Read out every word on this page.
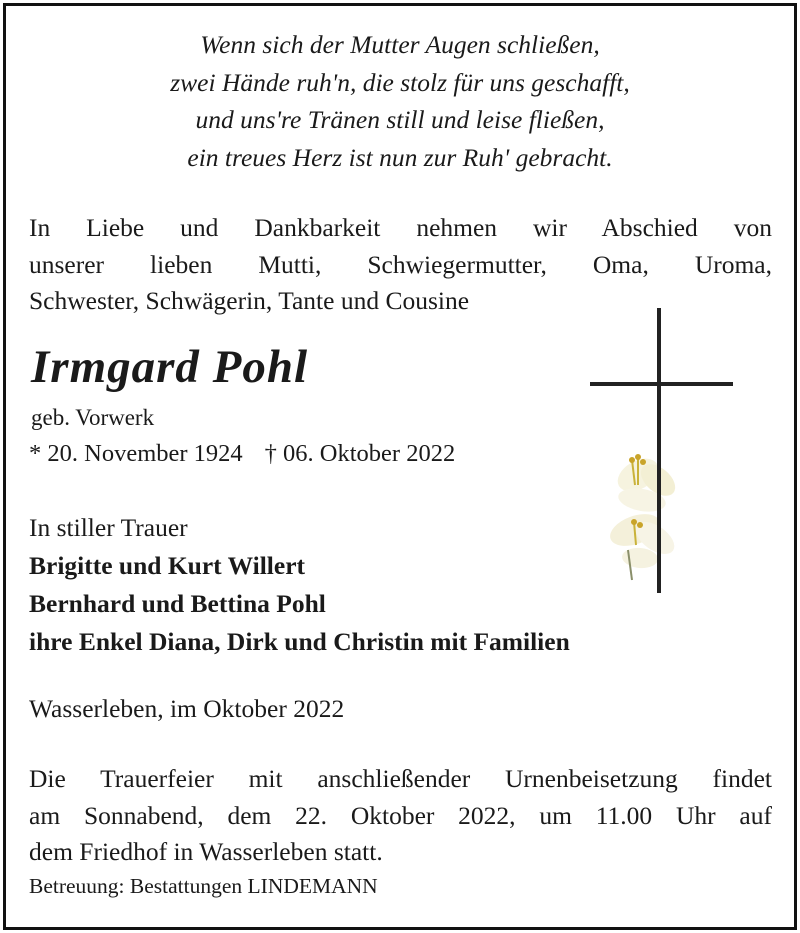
Wenn sich der Mutter Augen schließen,
zwei Hände ruh'n, die stolz für uns geschafft,
und uns're Tränen still und leise fließen,
ein treues Herz ist nun zur Ruh' gebracht.
In Liebe und Dankbarkeit nehmen wir Abschied von
unserer lieben Mutti, Schwiegermutter, Oma, Uroma,
Schwester, Schwägerin, Tante und Cousine
Irmgard Pohl
geb. Vorwerk
* 20. November 1924 † 06. Oktober 2022
In stiller Trauer
Brigitte und Kurt Willert
Bernhard und Bettina Pohl
ihre Enkel Diana, Dirk und Christin mit Familien
Wasserleben, im Oktober 2022
Die Trauerfeier mit anschließender Urnenbeisetzung findet
am Sonnabend, dem 22. Oktober 2022, um 11.00 Uhr auf
dem Friedhof in Wasserleben statt.
Betreuung: Bestattungen LINDEMANN
